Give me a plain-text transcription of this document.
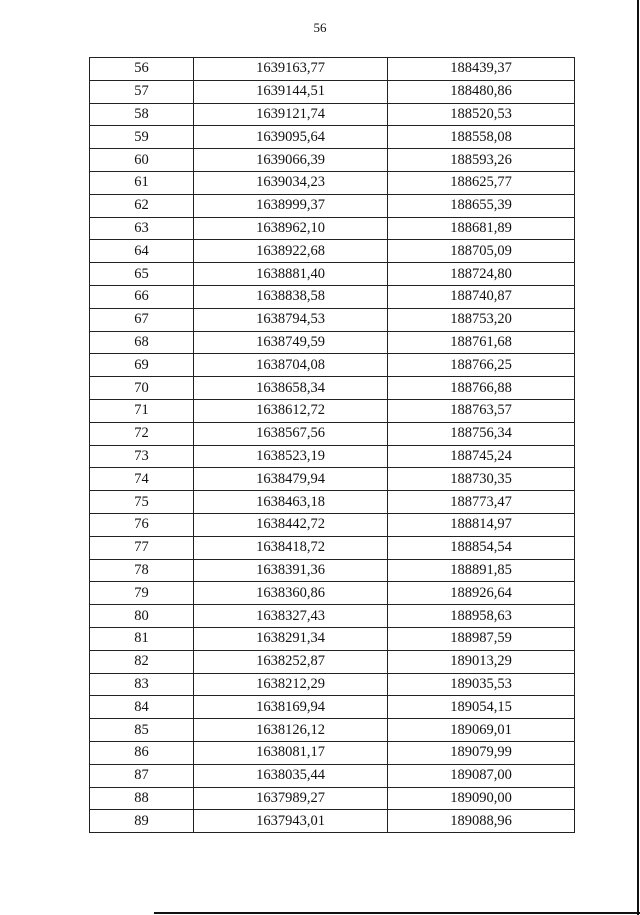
56
56	1639163,77	188439,37
57	1639144,51	188480,86
58	1639121,74	188520,53
59	1639095,64	188558,08
60	1639066,39	188593,26
61	1639034,23	188625,77
62	1638999,37	188655,39
63	1638962,10	188681,89
64	1638922,68	188705,09
65	1638881,40	188724,80
66	1638838,58	188740,87
67	1638794,53	188753,20
68	1638749,59	188761,68
69	1638704,08	188766,25
70	1638658,34	188766,88
71	1638612,72	188763,57
72	1638567,56	188756,34
73	1638523,19	188745,24
74	1638479,94	188730,35
75	1638463,18	188773,47
76	1638442,72	188814,97
77	1638418,72	188854,54
78	1638391,36	188891,85
79	1638360,86	188926,64
80	1638327,43	188958,63
81	1638291,34	188987,59
82	1638252,87	189013,29
83	1638212,29	189035,53
84	1638169,94	189054,15
85	1638126,12	189069,01
86	1638081,17	189079,99
87	1638035,44	189087,00
88	1637989,27	189090,00
89	1637943,01	189088,96
